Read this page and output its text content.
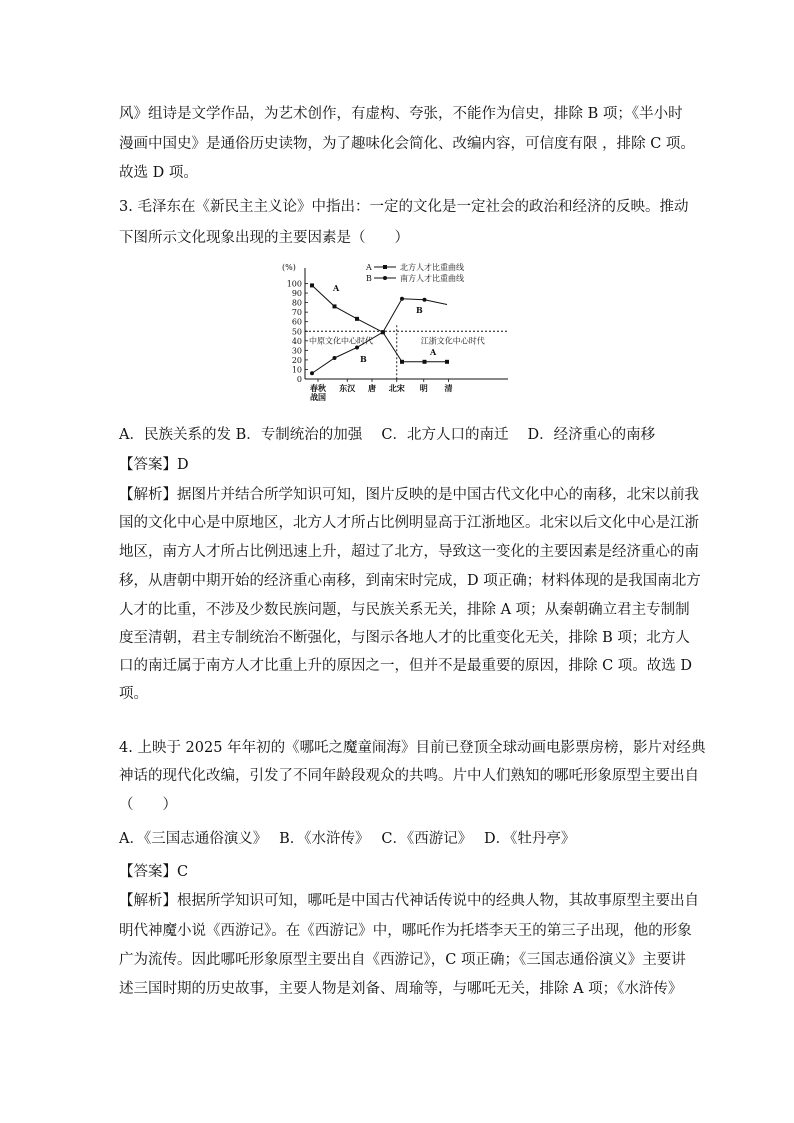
风》组诗是文学作品，为艺术创作，有虚构、夸张，不能作为信史，排除 B 项；《半小时
漫画中国史》是通俗历史读物，为了趣味化会简化、改编内容，可信度有限 ，排除 C 项。
故选 D 项。
3. 毛泽东在《新民主主义论》中指出：一定的文化是一定社会的政治和经济的反映。推动
下图所示文化现象出现的主要因素是（　　）
A．民族关系的发 B．专制统治的加强　 C．北方人口的南迁　 D．经济重心的南移
【答案】D
【解析】据图片并结合所学知识可知，图片反映的是中国古代文化中心的南移，北宋以前我
国的文化中心是中原地区，北方人才所占比例明显高于江浙地区。北宋以后文化中心是江浙
地区，南方人才所占比例迅速上升，超过了北方，导致这一变化的主要因素是经济重心的南
移，从唐朝中期开始的经济重心南移，到南宋时完成，D 项正确；材料体现的是我国南北方
人才的比重，不涉及少数民族问题，与民族关系无关，排除 A 项；从秦朝确立君主专制制
度至清朝，君主专制统治不断强化，与图示各地人才的比重变化无关，排除 B 项；北方人
口的南迁属于南方人才比重上升的原因之一，但并不是最重要的原因，排除 C 项。故选 D
项。
4. 上映于 2025 年年初的《哪吒之魔童闹海》目前已登顶全球动画电影票房榜，影片对经典
神话的现代化改编，引发了不同年龄段观众的共鸣。片中人们熟知的哪吒形象原型主要出自
（　　）
A．《三国志通俗演义》　 B．《水浒传》　 C．《西游记》　 D．《牡丹亭》
【答案】C
【解析】根据所学知识可知，哪吒是中国古代神话传说中的经典人物，其故事原型主要出自
明代神魔小说《西游记》。在《西游记》中，哪吒作为托塔李天王的第三子出现，他的形象
广为流传。因此哪吒形象原型主要出自《西游记》，C 项正确；《三国志通俗演义》主要讲
述三国时期的历史故事，主要人物是刘备、周瑜等，与哪吒无关，排除 A 项；《水浒传》
(%)
0
10
20
30
40
50
60
70
80
90
100
春秋
战国
东汉 唐 北宋 明 清
中原文化中心时代	江浙文化中心时代
A
B
B
A
A	北方人才比重曲线
B	南方人才比重曲线
